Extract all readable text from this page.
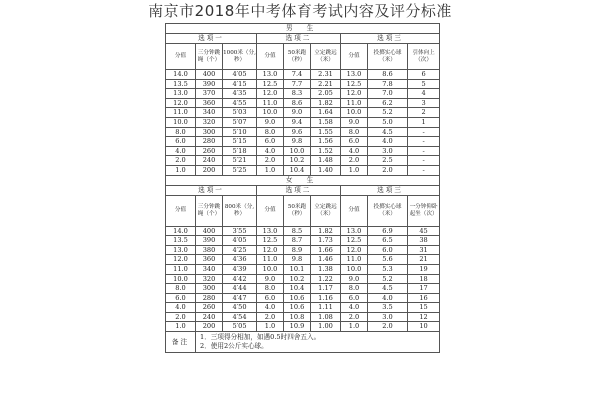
南京市2018年中考体育考试内容及评分标准
男 生								
选项一			选项二			选项三		
分值	三分钟跳绳（个）	1000米（分,秒）	分值	50米跑（秒）	立定跳远（米）	分值	投掷实心球（米）	引体向上（次）
14.0	400	4′05	13.0	7.4	2.31	13.0	8.6	6
13.5	390	4′15	12.5	7.7	2.21	12.5	7.8	5
13.0	370	4′35	12.0	8.3	2.05	12.0	7.0	4
12.0	360	4′55	11.0	8.6	1.82	11.0	6.2	3
11.0	340	5′03	10.0	9.0	1.64	10.0	5.2	2
10.0	320	5′07	9.0	9.4	1.58	9.0	5.0	1
8.0	300	5′10	8.0	9.6	1.55	8.0	4.5	-
6.0	280	5′15	6.0	9.8	1.56	6.0	4.0	-
4.0	260	5′18	4.0	10.0	1.52	4.0	3.0	-
2.0	240	5′21	2.0	10.2	1.48	2.0	2.5	-
1.0	200	5′25	1.0	10.4	1.40	1.0	2.0	-
女 生								
选项一			选项二			选项三		
分值	三分钟跳绳（个）	800米（分,秒）	分值	50米跑（秒）	立定跳远（米）	分值	投掷实心球（米）	一分钟仰卧起坐（次）
14.0	400	3′55	13.0	8.5	1.82	13.0	6.9	45
13.5	390	4′05	12.5	8.7	1.73	12.5	6.5	38
13.0	380	4′25	12.0	8.9	1.66	12.0	6.0	31
12.0	360	4′36	11.0	9.8	1.46	11.0	5.6	21
11.0	340	4′39	10.0	10.1	1.38	10.0	5.3	19
10.0	320	4′42	9.0	10.2	1.22	9.0	5.2	18
8.0	300	4′44	8.0	10.4	1.17	8.0	4.5	17
6.0	280	4′47	6.0	10.6	1.16	6.0	4.0	16
4.0	260	4′50	4.0	10.6	1.11	4.0	3.5	15
2.0	240	4′54	2.0	10.8	1.08	2.0	3.0	12
1.0	200	5′05	1.0	10.9	1.00	1.0	2.0	10
备注	1．三项得分相加，如遇0.5时四舍五入。
2．使用2公斤实心球。							
